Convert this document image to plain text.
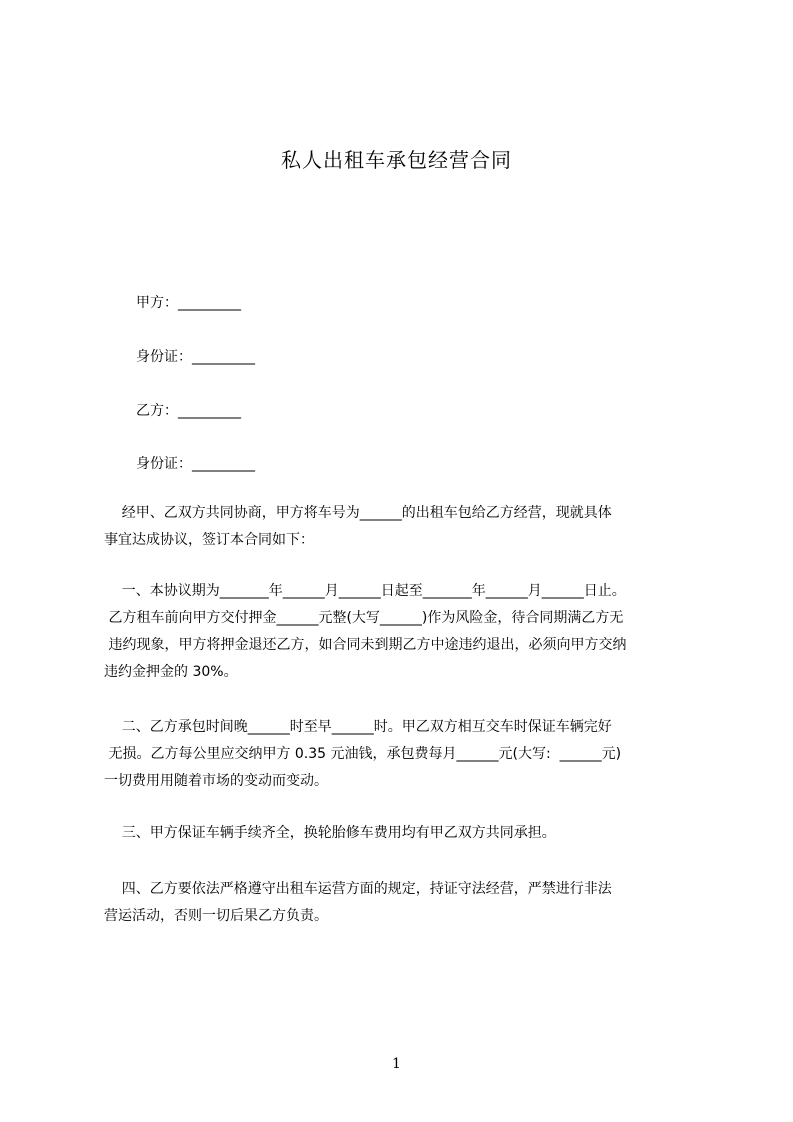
私人出租车承包经营合同
甲方：_________
身份证：_________
乙方：_________
身份证：_________
经甲、乙双方共同协商，甲方将车号为______的出租车包给乙方经营，现就具体
事宜达成协议，签订本合同如下：
一、本协议期为_______年______月______日起至_______年______月______日止。
乙方租车前向甲方交付押金______元整(大写______)作为风险金，待合同期满乙方无
违约现象，甲方将押金退还乙方，如合同未到期乙方中途违约退出，必须向甲方交纳
违约金押金的 30%。
二、乙方承包时间晚______时至早______时。甲乙双方相互交车时保证车辆完好
无损。乙方每公里应交纳甲方 0.35 元油钱，承包费每月______元(大写:  ______元)
一切费用用随着市场的变动而变动。
三、甲方保证车辆手续齐全，换轮胎修车费用均有甲乙双方共同承担。
四、乙方要依法严格遵守出租车运营方面的规定，持证守法经营，严禁进行非法
营运活动，否则一切后果乙方负责。
1
